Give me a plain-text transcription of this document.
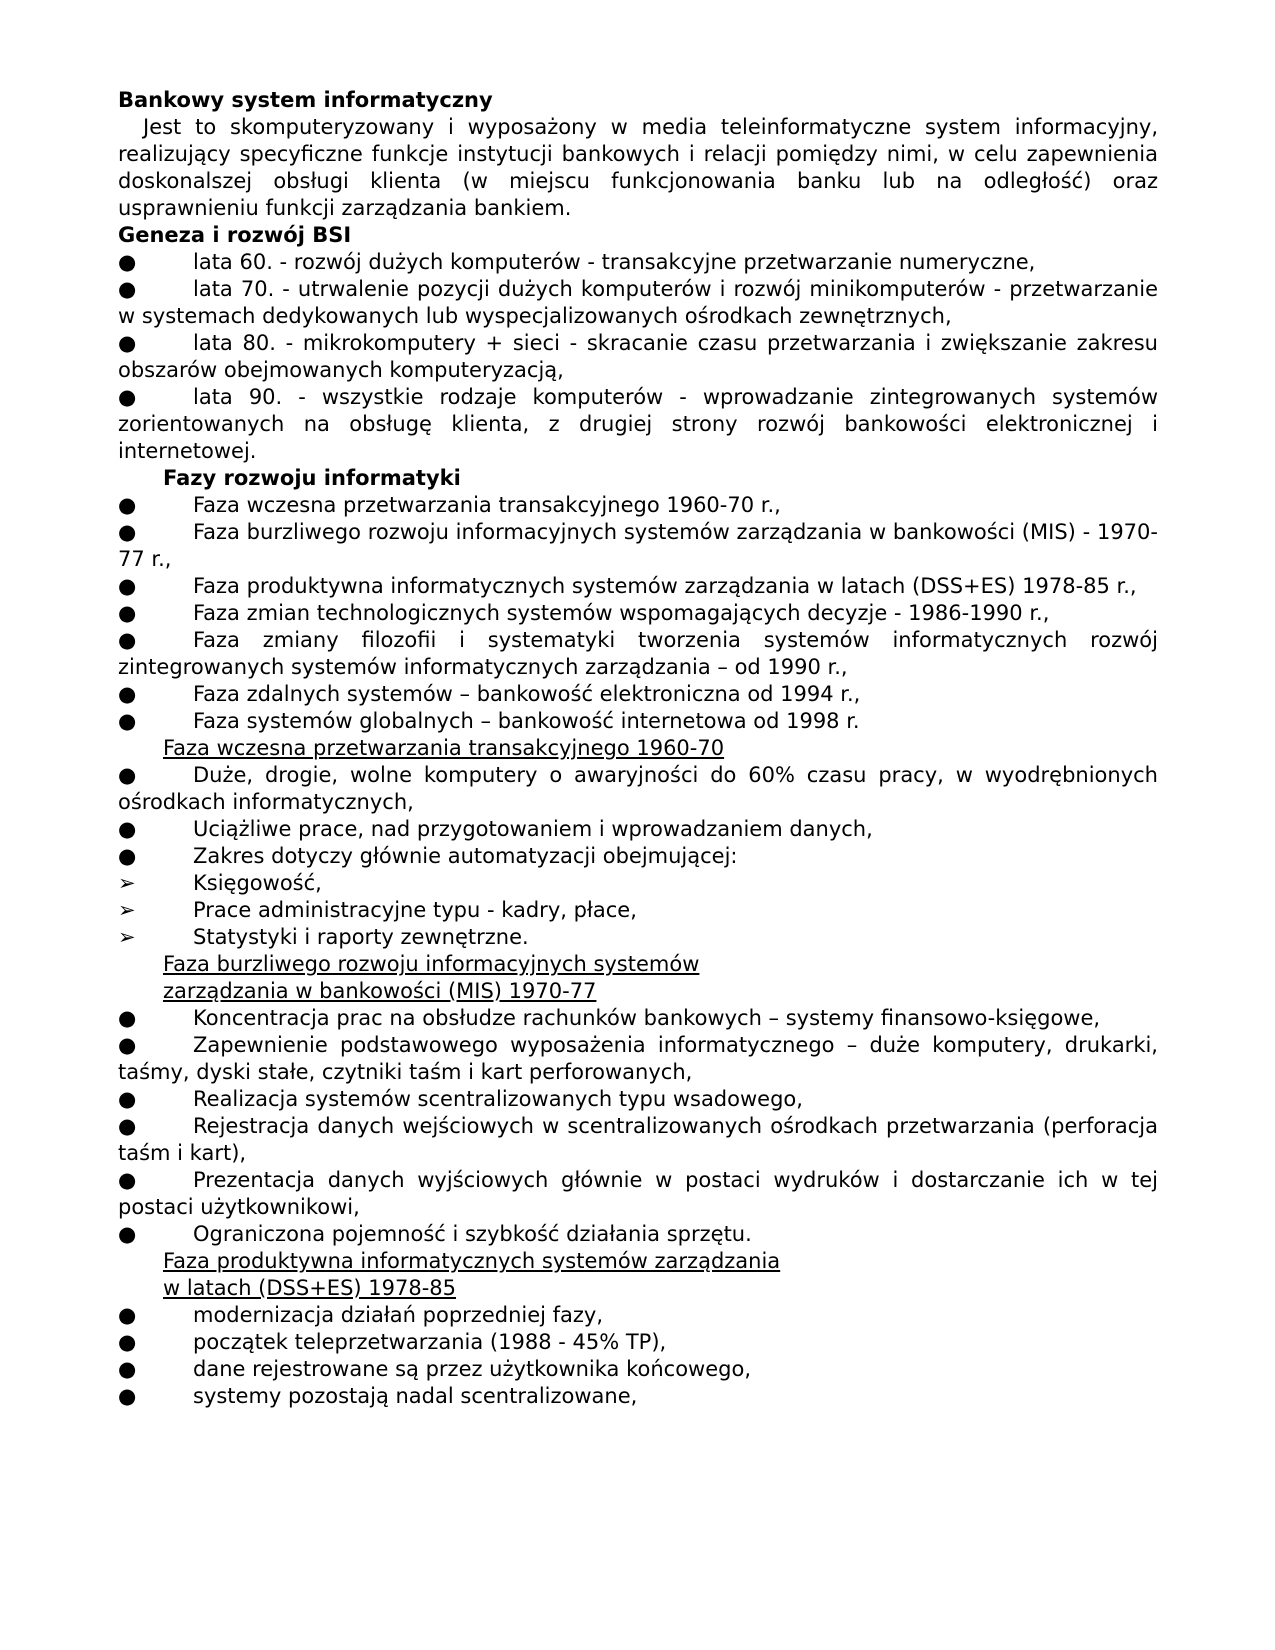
Bankowy system informatyczny
Jest to skomputeryzowany i wyposażony w media teleinformatyczne system informacyjny, realizujący specyficzne funkcje instytucji bankowych i relacji pomiędzy nimi, w celu zapewnienia doskonalszej obsługi klienta (w miejscu funkcjonowania banku lub na odległość) oraz usprawnieniu funkcji zarządzania bankiem.
Geneza i rozwój BSI
●	lata 60. - rozwój dużych komputerów - transakcyjne przetwarzanie numeryczne,
●	lata 70. - utrwalenie pozycji dużych komputerów i rozwój minikomputerów - przetwarzanie w systemach dedykowanych lub wyspecjalizowanych ośrodkach zewnętrznych,
●	lata 80. - mikrokomputery + sieci - skracanie czasu przetwarzania i zwiększanie zakresu obszarów obejmowanych komputeryzacją,
●	lata 90. - wszystkie rodzaje komputerów - wprowadzanie zintegrowanych systemów zorientowanych na obsługę klienta, z drugiej strony rozwój bankowości elektronicznej i internetowej.
Fazy rozwoju informatyki
●	Faza wczesna przetwarzania transakcyjnego 1960-70 r.,
●	Faza burzliwego rozwoju informacyjnych systemów zarządzania w bankowości (MIS) - 1970-77 r.,
●	Faza produktywna informatycznych systemów zarządzania w latach (DSS+ES) 1978-85 r.,
●	Faza zmian technologicznych systemów wspomagających decyzje - 1986-1990 r.,
●	Faza zmiany filozofii i systematyki tworzenia systemów informatycznych rozwój zintegrowanych systemów informatycznych zarządzania – od 1990 r.,
●	Faza zdalnych systemów – bankowość elektroniczna od 1994 r.,
●	Faza systemów globalnych – bankowość internetowa od 1998 r.
Faza wczesna przetwarzania transakcyjnego 1960-70
●	Duże, drogie, wolne komputery o awaryjności do 60% czasu pracy, w wyodrębnionych ośrodkach informatycznych,
●	Uciążliwe prace, nad przygotowaniem i wprowadzaniem danych,
●	Zakres dotyczy głównie automatyzacji obejmującej:
➢	Księgowość,
➢	Prace administracyjne typu - kadry, płace,
➢	Statystyki i raporty zewnętrzne.
Faza burzliwego rozwoju informacyjnych systemów
zarządzania w bankowości (MIS) 1970-77
●	Koncentracja prac na obsłudze rachunków bankowych – systemy finansowo-księgowe,
●	Zapewnienie podstawowego wyposażenia informatycznego – duże komputery, drukarki, taśmy, dyski stałe, czytniki taśm i kart perforowanych,
●	Realizacja systemów scentralizowanych typu wsadowego,
●	Rejestracja danych wejściowych w scentralizowanych ośrodkach przetwarzania (perforacja taśm i kart),
●	Prezentacja danych wyjściowych głównie w postaci wydruków i dostarczanie ich w tej postaci użytkownikowi,
●	Ograniczona pojemność i szybkość działania sprzętu.
Faza produktywna informatycznych systemów zarządzania
w latach (DSS+ES) 1978-85
●	modernizacja działań poprzedniej fazy,
●	początek teleprzetwarzania (1988 - 45% TP),
●	dane rejestrowane są przez użytkownika końcowego,
●	systemy pozostają nadal scentralizowane,
